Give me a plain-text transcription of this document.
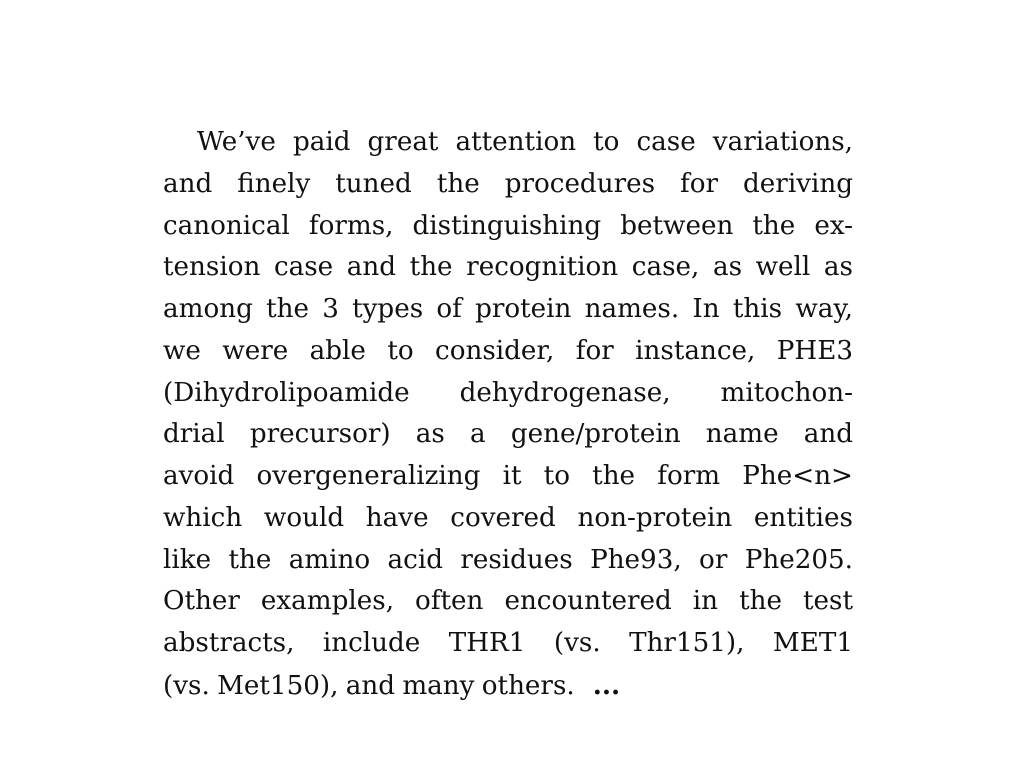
We’ve paid great attention to case variations,
and finely tuned the procedures for deriving
canonical forms, distinguishing between the ex-
tension case and the recognition case, as well as
among the 3 types of protein names. In this way,
we were able to consider, for instance, PHE3
(Dihydrolipoamide dehydrogenase, mitochon-
drial precursor) as a gene/protein name and
avoid overgeneralizing it to the form Phe<n>
which would have covered non-protein entities
like the amino acid residues Phe93, or Phe205.
Other examples, often encountered in the test
abstracts, include THR1 (vs. Thr151), MET1
(vs. Met150), and many others. ...
